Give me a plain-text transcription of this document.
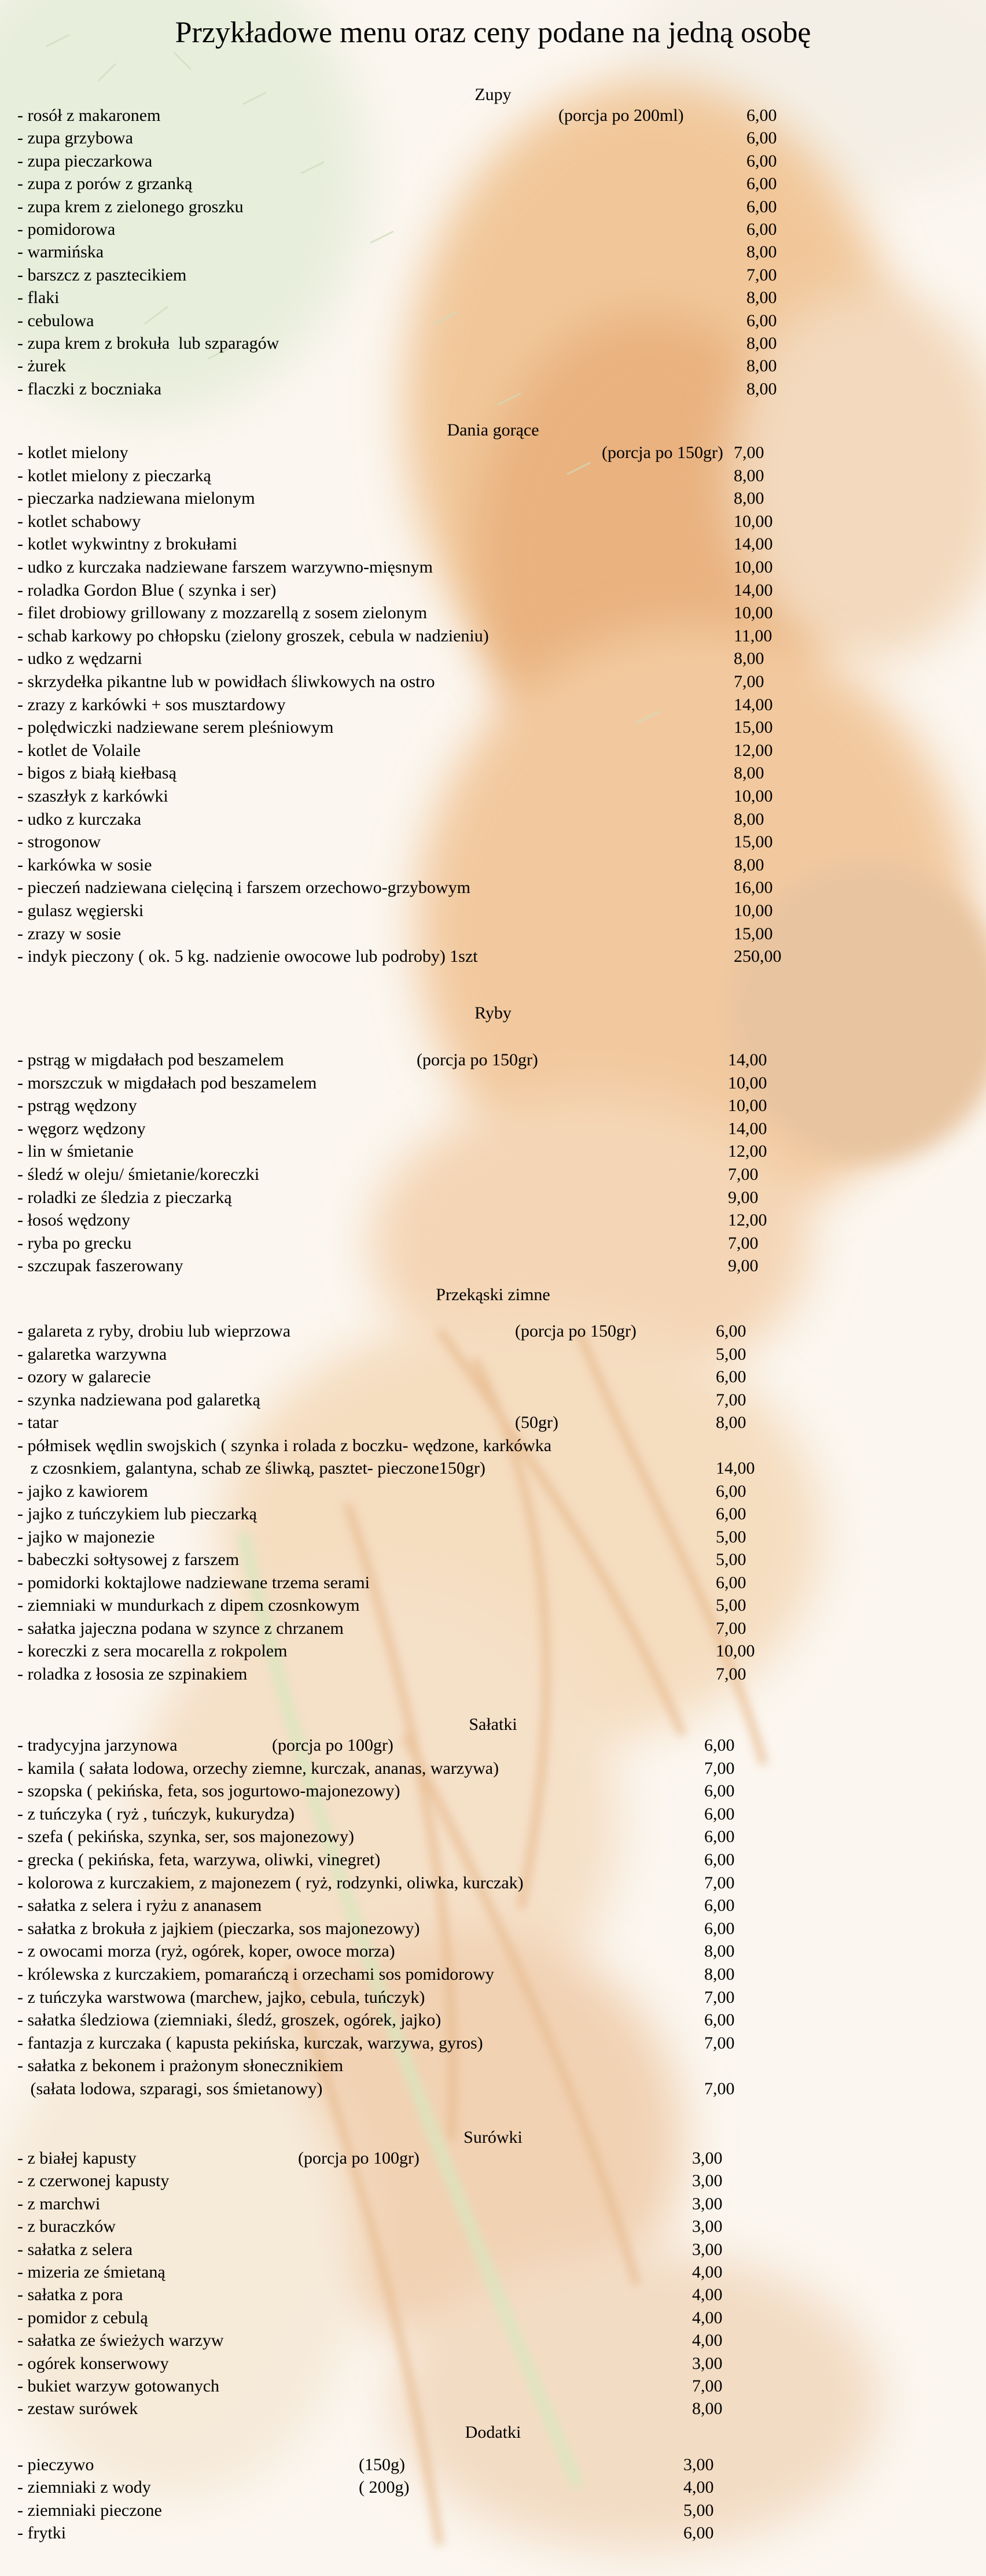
Przykładowe menu oraz ceny podane na jedną osobę
Zupy
- rosół z makaronem	(porcja po 200ml)	6,00
- zupa grzybowa	6,00
- zupa pieczarkowa	6,00
- zupa z porów z grzanką	6,00
- zupa krem z zielonego groszku	6,00
- pomidorowa	6,00
- warmińska	8,00
- barszcz z pasztecikiem	7,00
- flaki	8,00
- cebulowa	6,00
- zupa krem z brokuła  lub szparagów	8,00
- żurek	8,00
- flaczki z boczniaka	8,00
Dania gorące
- kotlet mielony	(porcja po 150gr) 7,00
- kotlet mielony z pieczarką	8,00
- pieczarka nadziewana mielonym	8,00
- kotlet schabowy	10,00
- kotlet wykwintny z brokułami	14,00
- udko z kurczaka nadziewane farszem warzywno-mięsnym	10,00
- roladka Gordon Blue ( szynka i ser)	14,00
- filet drobiowy grillowany z mozzarellą z sosem zielonym	10,00
- schab karkowy po chłopsku (zielony groszek, cebula w nadzieniu)	11,00
- udko z wędzarni	8,00
- skrzydełka pikantne lub w powidłach śliwkowych na ostro	7,00
- zrazy z karkówki + sos musztardowy	14,00
- polędwiczki nadziewane serem pleśniowym	15,00
- kotlet de Volaile	12,00
- bigos z białą kiełbasą	8,00
- szaszłyk z karkówki	10,00
- udko z kurczaka	8,00
- strogonow	15,00
- karkówka w sosie	8,00
- pieczeń nadziewana cielęciną i farszem orzechowo-grzybowym	16,00
- gulasz węgierski	10,00
- zrazy w sosie	15,00
- indyk pieczony ( ok. 5 kg. nadzienie owocowe lub podroby) 1szt	250,00
Ryby
- pstrąg w migdałach pod beszamelem	(porcja po 150gr)	14,00
- morszczuk w migdałach pod beszamelem	10,00
- pstrąg wędzony	10,00
- węgorz wędzony	14,00
- lin w śmietanie	12,00
- śledź w oleju/ śmietanie/koreczki	7,00
- roladki ze śledzia z pieczarką	9,00
- łosoś wędzony	12,00
- ryba po grecku	7,00
- szczupak faszerowany	9,00
Przekąski zimne
- galareta z ryby, drobiu lub wieprzowa	(porcja po 150gr)	6,00
- galaretka warzywna	5,00
- ozory w galarecie	6,00
- szynka nadziewana pod galaretką	7,00
- tatar	(50gr)	8,00
- półmisek wędlin swojskich ( szynka i rolada z boczku- wędzone, karkówka
z czosnkiem, galantyna, schab ze śliwką, pasztet- pieczone150gr)	14,00
- jajko z kawiorem	6,00
- jajko z tuńczykiem lub pieczarką	6,00
- jajko w majonezie	5,00
- babeczki sołtysowej z farszem	5,00
- pomidorki koktajlowe nadziewane trzema serami	6,00
- ziemniaki w mundurkach z dipem czosnkowym	5,00
- sałatka jajeczna podana w szynce z chrzanem	7,00
- koreczki z sera mocarella z rokpolem	10,00
- roladka z łososia ze szpinakiem	7,00
Sałatki
- tradycyjna jarzynowa	(porcja po 100gr)	6,00
- kamila ( sałata lodowa, orzechy ziemne, kurczak, ananas, warzywa)	7,00
- szopska ( pekińska, feta, sos jogurtowo-majonezowy)	6,00
- z tuńczyka ( ryż , tuńczyk, kukurydza)	6,00
- szefa ( pekińska, szynka, ser, sos majonezowy)	6,00
- grecka ( pekińska, feta, warzywa, oliwki, vinegret)	6,00
- kolorowa z kurczakiem, z majonezem ( ryż, rodzynki, oliwka, kurczak)	7,00
- sałatka z selera i ryżu z ananasem	6,00
- sałatka z brokuła z jajkiem (pieczarka, sos majonezowy)	6,00
- z owocami morza (ryż, ogórek, koper, owoce morza)	8,00
- królewska z kurczakiem, pomarańczą i orzechami sos pomidorowy	8,00
- z tuńczyka warstwowa (marchew, jajko, cebula, tuńczyk)	7,00
- sałatka śledziowa (ziemniaki, śledź, groszek, ogórek, jajko)	6,00
- fantazja z kurczaka ( kapusta pekińska, kurczak, warzywa, gyros)	7,00
- sałatka z bekonem i prażonym słonecznikiem
(sałata lodowa, szparagi, sos śmietanowy)	7,00
Surówki
- z białej kapusty	(porcja po 100gr)	3,00
- z czerwonej kapusty	3,00
- z marchwi	3,00
- z buraczków	3,00
- sałatka z selera	3,00
- mizeria ze śmietaną	4,00
- sałatka z pora	4,00
- pomidor z cebulą	4,00
- sałatka ze świeżych warzyw	4,00
- ogórek konserwowy	3,00
- bukiet warzyw gotowanych	7,00
- zestaw surówek	8,00
Dodatki
- pieczywo	(150g)	3,00
- ziemniaki z wody	( 200g)	4,00
- ziemniaki pieczone	5,00
- frytki	6,00
